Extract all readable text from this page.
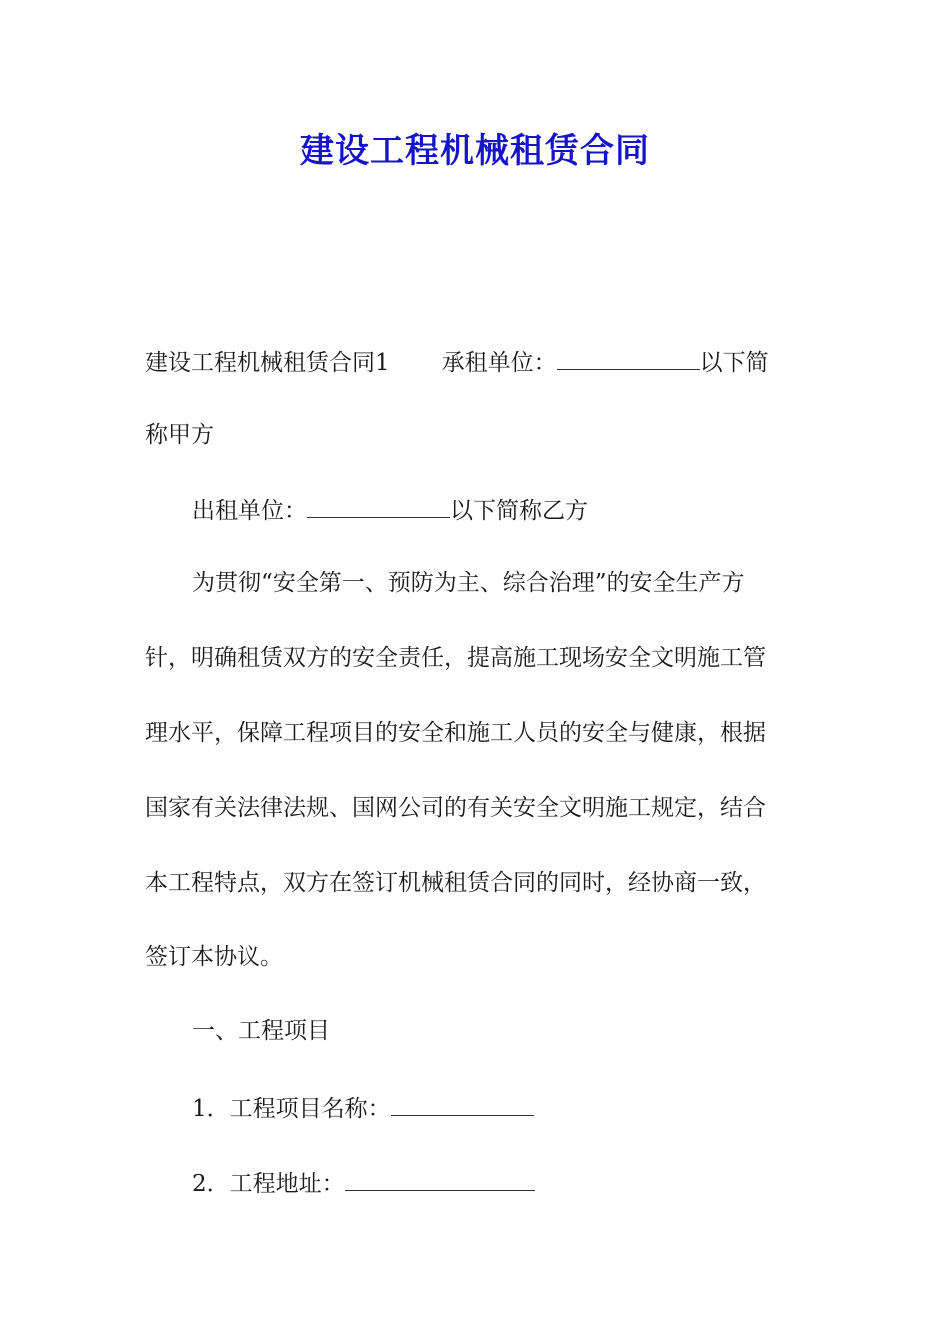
建设工程机械租赁合同

建设工程机械租赁合同1 承租单位：	以下简

称甲方

出租单位：	以下简称乙方

为贯彻“安全第一、预防为主、综合治理”的安全生产方

针，明确租赁双方的安全责任，提高施工现场安全文明施工管

理水平，保障工程项目的安全和施工人员的安全与健康，根据

国家有关法律法规、国网公司的有关安全文明施工规定，结合

本工程特点，双方在签订机械租赁合同的同时，经协商一致，

签订本协议。

一、工程项目

1．工程项目名称：

2．工程地址：
